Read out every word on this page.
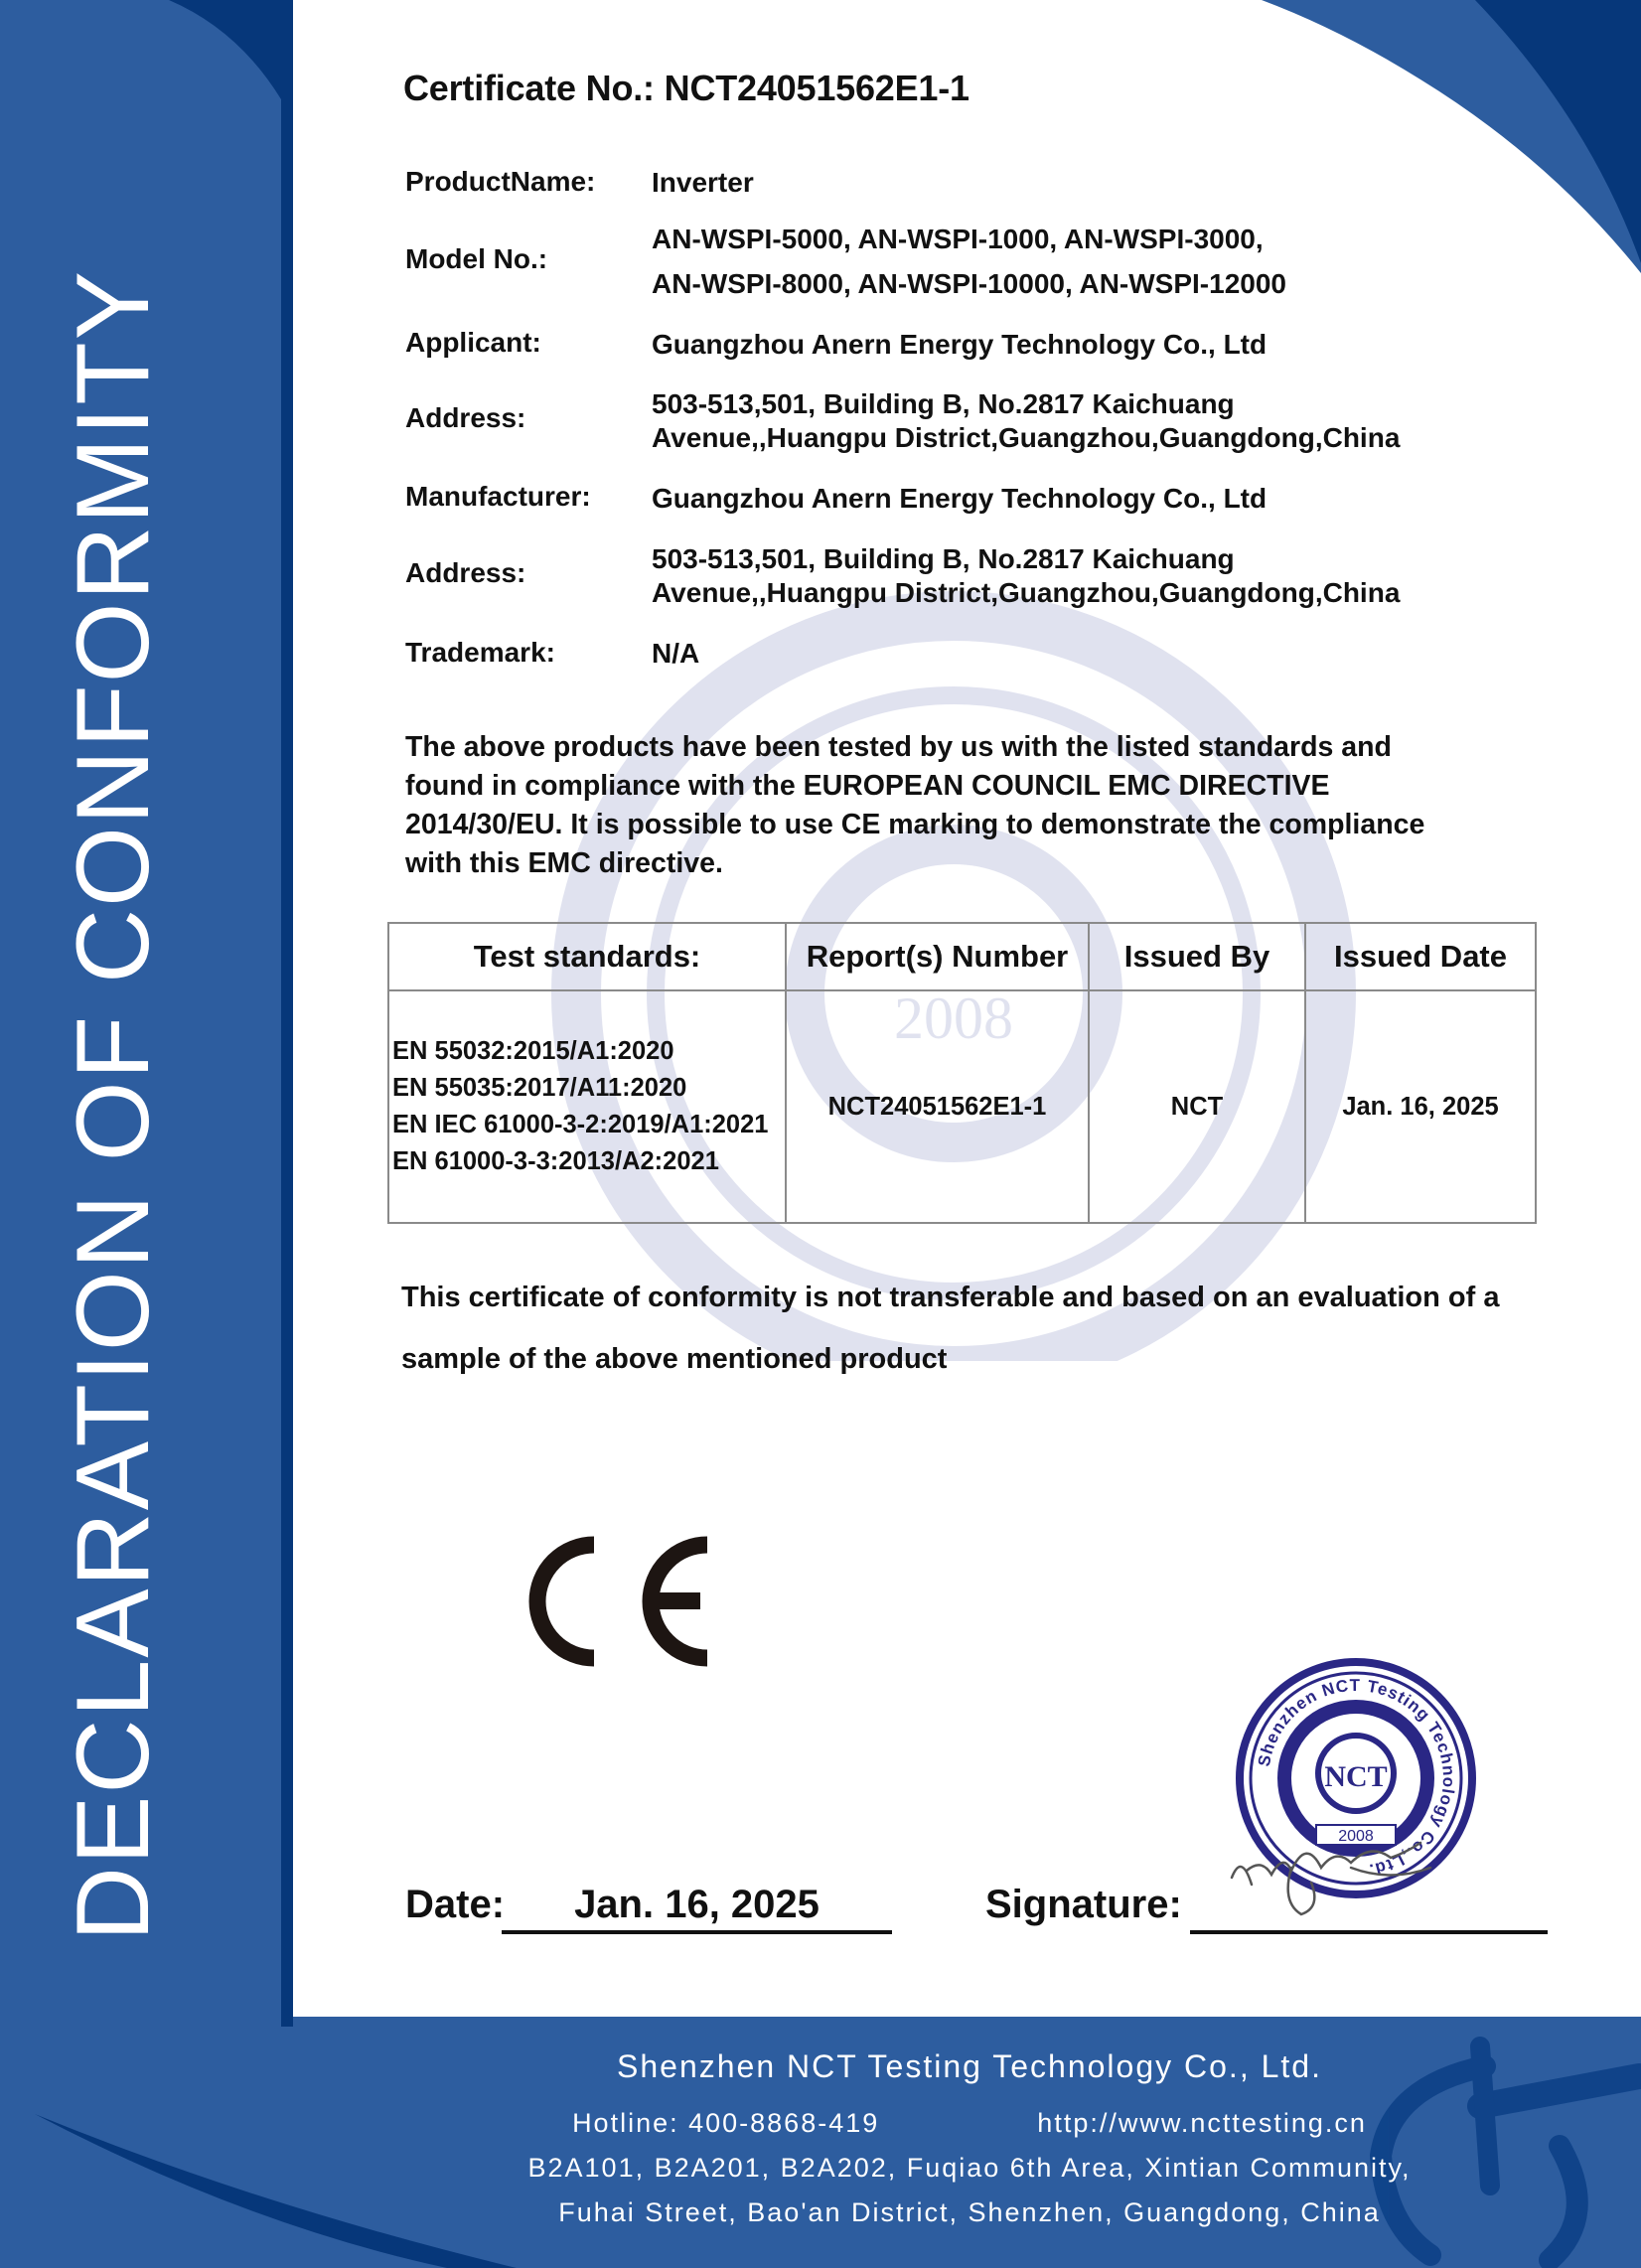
2008
DECLARATION OF CONFORMITY
Certificate No.: NCT24051562E1-1
ProductName: Inverter
Model No.:
AN-WSPI-5000, AN-WSPI-1000, AN-WSPI-3000,
AN-WSPI-8000, AN-WSPI-10000, AN-WSPI-12000
Applicant:	Guangzhou Anern Energy Technology Co., Ltd
Address:	503-513,501, Building B, No.2817 Kaichuang
Avenue,,Huangpu District,Guangzhou,Guangdong,China
Manufacturer: Guangzhou Anern Energy Technology Co., Ltd
Address:	503-513,501, Building B, No.2817 Kaichuang
Avenue,,Huangpu District,Guangzhou,Guangdong,China
Trademark:	N/A
The above products have been tested by us with the listed standards and
found in compliance with the EUROPEAN COUNCIL EMC DIRECTIVE
2014/30/EU. It is possible to use CE marking to demonstrate the compliance
with this EMC directive.
Test standards:	Report(s) Number	Issued By	Issued Date

EN 55032:2015/A1:2020
EN 55035:2017/A11:2020
EN IEC 61000-3-2:2019/A1:2021
EN 61000-3-3:2013/A2:2021	NCT24051562E1-1	NCT	Jan. 16, 2025
This certificate of conformity is not transferable and based on an evaluation of a
sample of the above mentioned product
Date:	Jan. 16, 2025	Signature:
Shenzhen NCT Testing Technology Co.,Ltd.
NCT
2008
Shenzhen NCT Testing Technology Co., Ltd.
Hotline: 400-8868-419	http://www.ncttesting.cn
B2A101, B2A201, B2A202, Fuqiao 6th Area, Xintian Community,
Fuhai Street, Bao'an District, Shenzhen, Guangdong, China
